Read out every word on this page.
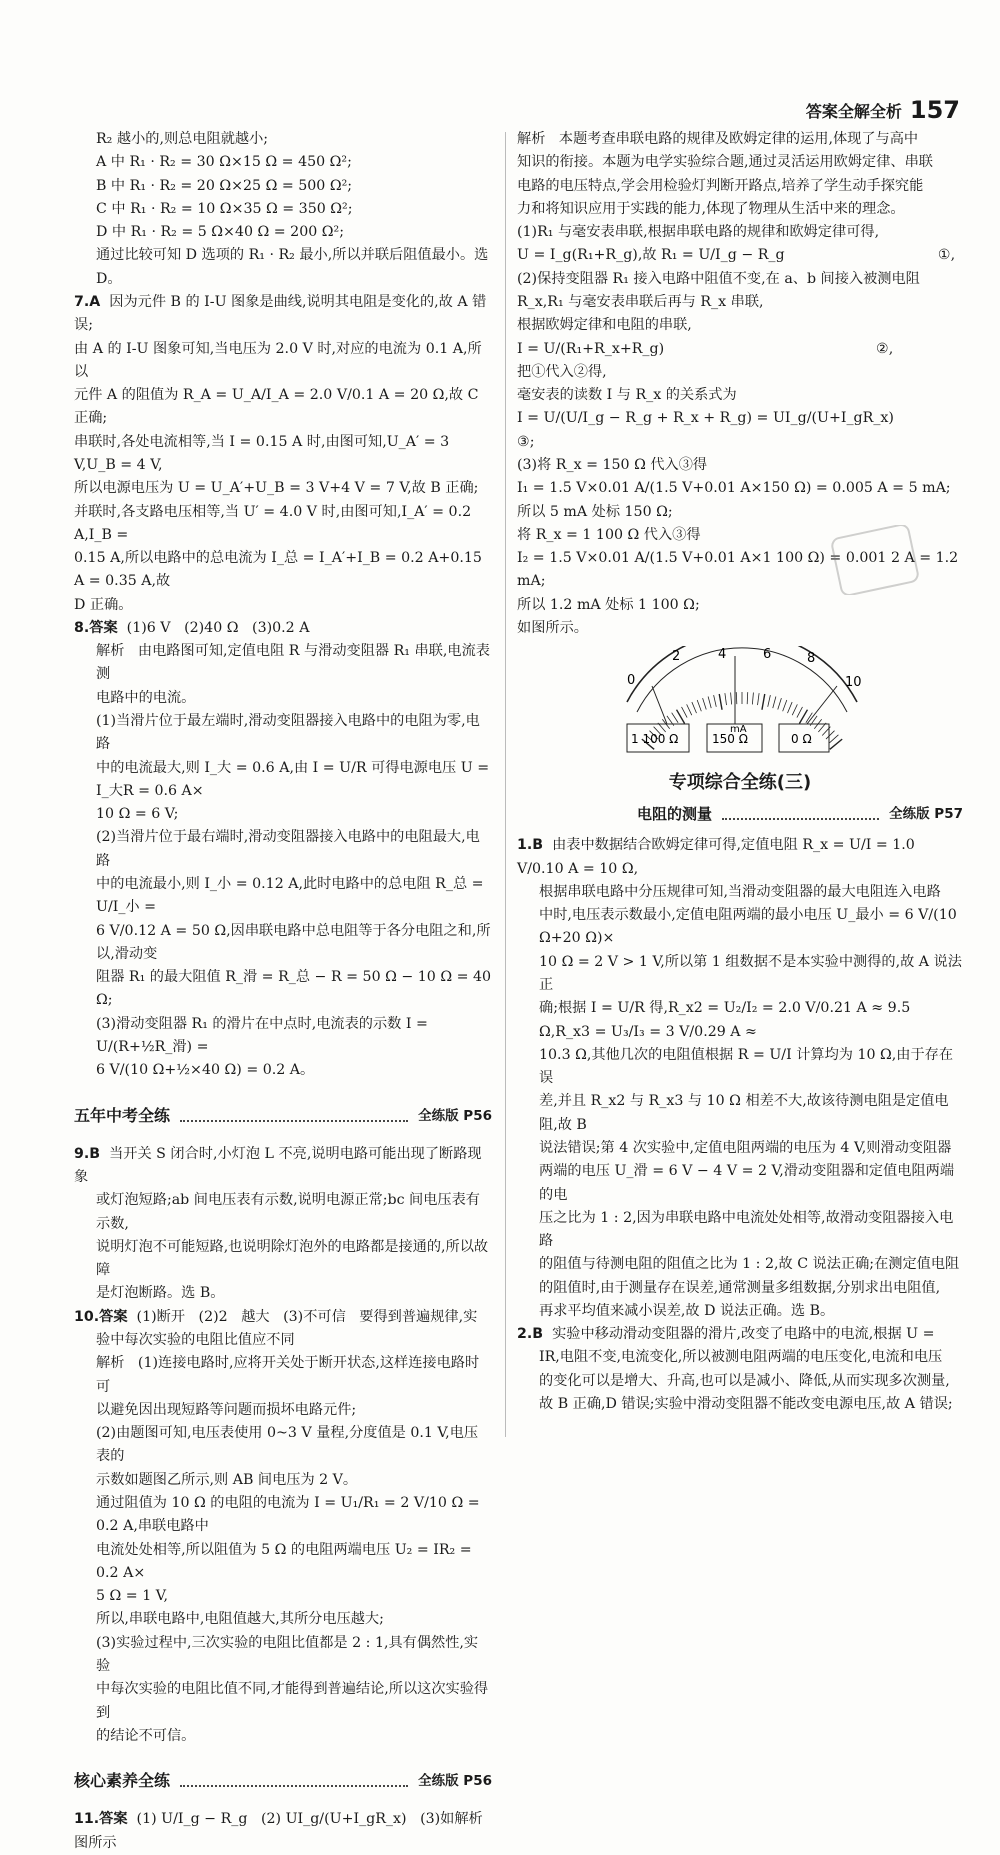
答案全解全析 157

R₂ 越小的,则总电阻就越小;

A 中 R₁ · R₂ = 30 Ω×15 Ω = 450 Ω²;

B 中 R₁ · R₂ = 20 Ω×25 Ω = 500 Ω²;

C 中 R₁ · R₂ = 10 Ω×35 Ω = 350 Ω²;

D 中 R₁ · R₂ = 5 Ω×40 Ω = 200 Ω²;

通过比较可知 D 选项的 R₁ · R₂ 最小,所以并联后阻值最小。选 D。

7.A 因为元件 B 的 I-U 图象是曲线,说明其电阻是变化的,故 A 错误;

由 A 的 I-U 图象可知,当电压为 2.0 V 时,对应的电流为 0.1 A,所以

元件 A 的阻值为 R_A = U_A/I_A = 2.0 V/0.1 A = 20 Ω,故 C 正确;

串联时,各处电流相等,当 I = 0.15 A 时,由图可知,U_A′ = 3 V,U_B = 4 V,

所以电源电压为 U = U_A′+U_B = 3 V+4 V = 7 V,故 B 正确;

并联时,各支路电压相等,当 U′ = 4.0 V 时,由图可知,I_A′ = 0.2 A,I_B =

0.15 A,所以电路中的总电流为 I_总 = I_A′+I_B = 0.2 A+0.15 A = 0.35 A,故

D 正确。

8.答案 (1)6 V   (2)40 Ω   (3)0.2 A

解析   由电路图可知,定值电阻 R 与滑动变阻器 R₁ 串联,电流表测

电路中的电流。

(1)当滑片位于最左端时,滑动变阻器接入电路中的电阻为零,电路

中的电流最大,则 I_大 = 0.6 A,由 I = U/R 可得电源电压 U = I_大R = 0.6 A×

10 Ω = 6 V;

(2)当滑片位于最右端时,滑动变阻器接入电路中的电阻最大,电路

中的电流最小,则 I_小 = 0.12 A,此时电路中的总电阻 R_总 = U/I_小 =

6 V/0.12 A = 50 Ω,因串联电路中总电阻等于各分电阻之和,所以,滑动变

阻器 R₁ 的最大阻值 R_滑 = R_总 − R = 50 Ω − 10 Ω = 40 Ω;

(3)滑动变阻器 R₁ 的滑片在中点时,电流表的示数 I = U/(R+½R_滑) =

6 V/(10 Ω+½×40 Ω) = 0.2 A。

五年中考全练	全练版 P56

9.B 当开关 S 闭合时,小灯泡 L 不亮,说明电路可能出现了断路现象

或灯泡短路;ab 间电压表有示数,说明电源正常;bc 间电压表有示数,

说明灯泡不可能短路,也说明除灯泡外的电路都是接通的,所以故障

是灯泡断路。选 B。

10.答案 (1)断开   (2)2   越大   (3)不可信   要得到普遍规律,实

验中每次实验的电阻比值应不同

解析   (1)连接电路时,应将开关处于断开状态,这样连接电路时可

以避免因出现短路等问题而损坏电路元件;

(2)由题图可知,电压表使用 0~3 V 量程,分度值是 0.1 V,电压表的

示数如题图乙所示,则 AB 间电压为 2 V。

通过阻值为 10 Ω 的电阻的电流为 I = U₁/R₁ = 2 V/10 Ω = 0.2 A,串联电路中

电流处处相等,所以阻值为 5 Ω 的电阻两端电压 U₂ = IR₂ = 0.2 A×

5 Ω = 1 V,

所以,串联电路中,电阻值越大,其所分电压越大;

(3)实验过程中,三次实验的电阻比值都是 2 : 1,具有偶然性,实验

中每次实验的电阻比值不同,才能得到普遍结论,所以这次实验得到

的结论不可信。

核心素养全练	全练版 P56

11.答案 (1) U/I_g − R_g   (2) UI_g/(U+I_gR_x)   (3)如解析图所示

解析   本题考查串联电路的规律及欧姆定律的运用,体现了与高中

知识的衔接。本题为电学实验综合题,通过灵活运用欧姆定律、串联

电路的电压特点,学会用检验灯判断开路点,培养了学生动手探究能

力和将知识应用于实践的能力,体现了物理从生活中来的理念。

(1)R₁ 与毫安表串联,根据串联电路的规律和欧姆定律可得,

U = I_g(R₁+R_g),故 R₁ = U/I_g − R_g                                  ①,

(2)保持变阻器 R₁ 接入电路中阻值不变,在 a、b 间接入被测电阻

R_x,R₁ 与毫安表串联后再与 R_x 串联,

根据欧姆定律和电阻的串联,

I = U/(R₁+R_x+R_g)                                               ②,

把①代入②得,

毫安表的读数 I 与 R_x 的关系式为

I = U/(U/I_g − R_g + R_x + R_g) = UI_g/(U+I_gR_x)                  ③;

(3)将 R_x = 150 Ω 代入③得

I₁ = 1.5 V×0.01 A/(1.5 V+0.01 A×150 Ω) = 0.005 A = 5 mA;

所以 5 mA 处标 150 Ω;

将 R_x = 1 100 Ω 代入③得

I₂ = 1.5 V×0.01 A/(1.5 V+0.01 A×1 100 Ω) = 0.001 2 A = 1.2 mA;

所以 1.2 mA 处标 1 100 Ω;

如图所示。

0
2	4	6	8
10
mA
1 100 Ω	150 Ω	0 Ω
专项综合全练(三)
电阻的测量	全练版 P57

1.B 由表中数据结合欧姆定律可得,定值电阻 R_x = U/I = 1.0 V/0.10 A = 10 Ω,

根据串联电路中分压规律可知,当滑动变阻器的最大电阻连入电路

中时,电压表示数最小,定值电阻两端的最小电压 U_最小 = 6 V/(10 Ω+20 Ω)×

10 Ω = 2 V > 1 V,所以第 1 组数据不是本实验中测得的,故 A 说法正

确;根据 I = U/R 得,R_x2 = U₂/I₂ = 2.0 V/0.21 A ≈ 9.5 Ω,R_x3 = U₃/I₃ = 3 V/0.29 A ≈

10.3 Ω,其他几次的电阻值根据 R = U/I 计算均为 10 Ω,由于存在误

差,并且 R_x2 与 R_x3 与 10 Ω 相差不大,故该待测电阻是定值电阻,故 B

说法错误;第 4 次实验中,定值电阻两端的电压为 4 V,则滑动变阻器

两端的电压 U_滑 = 6 V − 4 V = 2 V,滑动变阻器和定值电阻两端的电

压之比为 1 : 2,因为串联电路中电流处处相等,故滑动变阻器接入电路

的阻值与待测电阻的阻值之比为 1 : 2,故 C 说法正确;在测定值电阻

的阻值时,由于测量存在误差,通常测量多组数据,分别求出电阻值,

再求平均值来减小误差,故 D 说法正确。选 B。

2.B 实验中移动滑动变阻器的滑片,改变了电路中的电流,根据 U =

IR,电阻不变,电流变化,所以被测电阻两端的电压变化,电流和电压

的变化可以是增大、升高,也可以是减小、降低,从而实现多次测量,

故 B 正确,D 错误;实验中滑动变阻器不能改变电源电压,故 A 错误;
